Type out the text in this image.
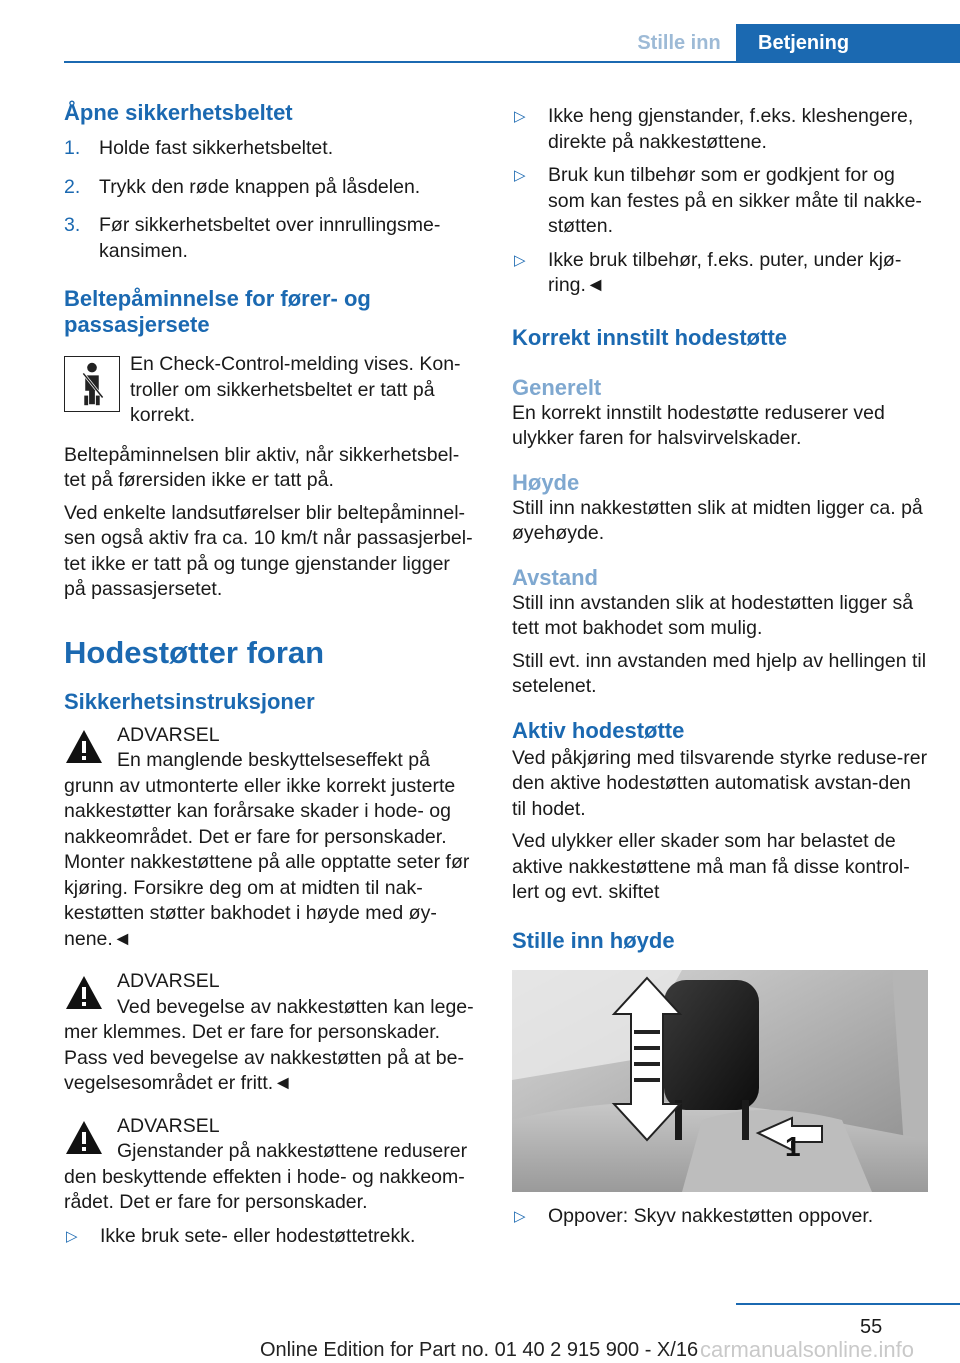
Stille inn	Betjening

Åpne sikkerhetsbeltet

1. Holde fast sikkerhetsbeltet.
2. Trykk den røde knappen på låsdelen.
3. Før sikkerhetsbeltet over innrullingsme‐kansimen.

Beltepåminnelse for fører- og passasjersete

En Check-Control-melding vises. Kon‐troller om sikkerhetsbeltet er tatt på korrekt.

Beltepåminnelsen blir aktiv, når sikkerhetsbel‐tet på førersiden ikke er tatt på.

Ved enkelte landsutførelser blir beltepåminnel‐sen også aktiv fra ca. 10 km/t når passasjerbel‐tet ikke er tatt på og tunge gjenstander ligger på passasjersetet.

Hodestøtter foran

Sikkerhetsinstruksjoner

ADVARSEL

En manglende beskyttelseseffekt på grunn av utmonterte eller ikke korrekt justerte nakkestøtter kan forårsake skader i hode- og nakkeområdet. Det er fare for personskader. Monter nakkestøttene på alle opptatte seter før kjøring. Forsikre deg om at midten til nak‐kestøtten støtter bakhodet i høyde med øy‐nene.◄

ADVARSEL

Ved bevegelse av nakkestøtten kan lege‐mer klemmes. Det er fare for personskader. Pass ved bevegelse av nakkestøtten på at be‐vegelsesområdet er fritt.◄

ADVARSEL

Gjenstander på nakkestøttene reduserer den beskyttende effekten i hode- og nakkeom‐rådet. Det er fare for personskader.

▷	Ikke bruk sete- eller hodestøttetrekk.
▷	Ikke heng gjenstander, f.eks. kleshengere, direkte på nakkestøttene.
▷	Bruk kun tilbehør som er godkjent for og som kan festes på en sikker måte til nakke‐støtten.
▷	Ikke bruk tilbehør, f.eks. puter, under kjø‐ring.◄

Korrekt innstilt hodestøtte

Generelt

En korrekt innstilt hodestøtte reduserer ved ulykker faren for halsvirvelskader.

Høyde

Still inn nakkestøtten slik at midten ligger ca. på øyehøyde.

Avstand

Still inn avstanden slik at hodestøtten ligger så tett mot bakhodet som mulig.

Still evt. inn avstanden med hjelp av hellingen til setelenet.

Aktiv hodestøtte

Ved påkjøring med tilsvarende styrke reduse‐rer den aktive hodestøtten automatisk avstan‐den til hodet.

Ved ulykker eller skader som har belastet de aktive nakkestøttene må man få disse kontrol‐lert og evt. skiftet

Stille inn høyde

1
▷	Oppover: Skyv nakkestøtten oppover.
55
Online Edition for Part no. 01 40 2 915 900 - X/16 carmanualsonline.info
